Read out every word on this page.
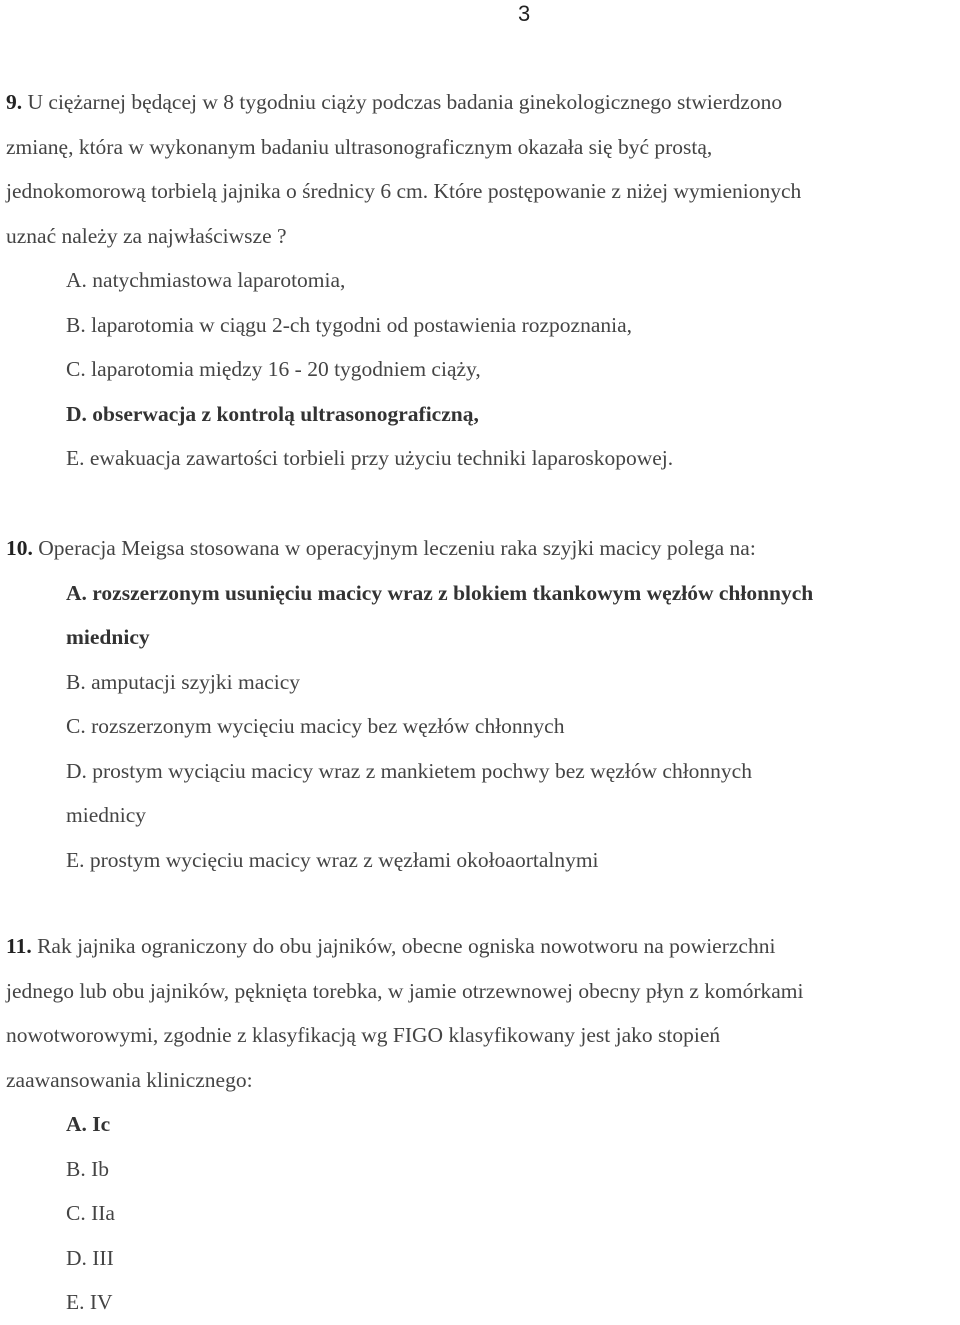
3
9. U ciężarnej będącej w 8 tygodniu ciąży podczas badania ginekologicznego stwierdzono
zmianę, która w wykonanym badaniu ultrasonograficznym okazała się być prostą,
jednokomorową torbielą jajnika o średnicy 6 cm. Które postępowanie z niżej wymienionych
uznać należy za najwłaściwsze ?
A. natychmiastowa laparotomia,
B. laparotomia w ciągu 2-ch tygodni od postawienia rozpoznania,
C. laparotomia między 16 - 20 tygodniem ciąży,
D. obserwacja z kontrolą ultrasonograficzną,
E. ewakuacja zawartości torbieli przy użyciu techniki laparoskopowej.
10. Operacja Meigsa stosowana w operacyjnym leczeniu raka szyjki macicy polega na:
A. rozszerzonym usunięciu macicy wraz z blokiem tkankowym węzłów chłonnych
miednicy
B. amputacji szyjki macicy
C. rozszerzonym wycięciu macicy bez węzłów chłonnych
D. prostym wyciąciu macicy wraz z mankietem pochwy bez węzłów chłonnych
miednicy
E. prostym wycięciu macicy wraz z węzłami okołoaortalnymi
11. Rak jajnika ograniczony do obu jajników, obecne ogniska nowotworu na powierzchni
jednego lub obu jajników, pęknięta torebka, w jamie otrzewnowej obecny płyn z komórkami
nowotworowymi, zgodnie z klasyfikacją wg FIGO klasyfikowany jest jako stopień
zaawansowania klinicznego:
A. Ic
B. Ib
C. IIa
D. III
E. IV
